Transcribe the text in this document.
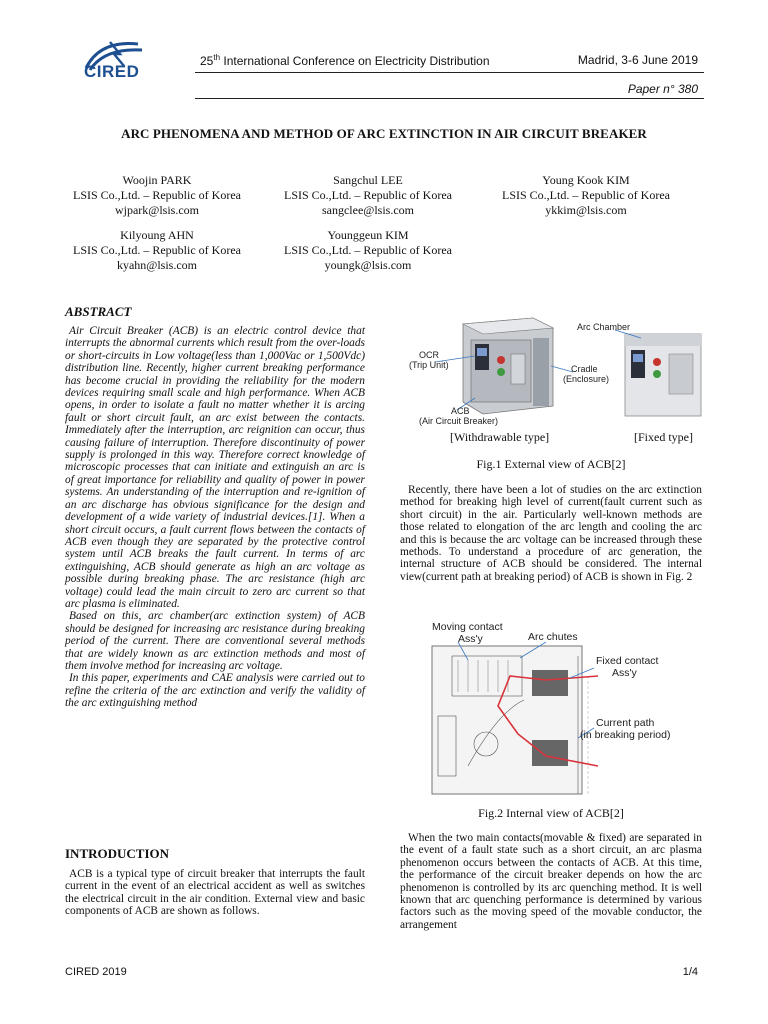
CIRED
25th International Conference on Electricity Distribution	Madrid, 3-6 June 2019
Paper n° 380
ARC PHENOMENA AND METHOD OF ARC EXTINCTION IN AIR CIRCUIT BREAKER
Woojin PARK
LSIS Co.,Ltd. – Republic of Korea
wjpark@lsis.com
Sangchul LEE
LSIS Co.,Ltd. – Republic of Korea
sangclee@lsis.com
Young Kook KIM
LSIS Co.,Ltd. – Republic of Korea
ykkim@lsis.com
Kilyoung AHN
LSIS Co.,Ltd. – Republic of Korea
kyahn@lsis.com
Younggeun KIM
LSIS Co.,Ltd. – Republic of Korea
youngk@lsis.com
ABSTRACT

Air Circuit Breaker (ACB) is an electric control device that interrupts the abnormal currents which result from the over-loads or short-circuits in Low voltage(less than 1,000Vac or 1,500Vdc) distribution line. Recently, higher current breaking performance has become crucial in providing the reliability for the modern devices requiring small scale and high performance. When ACB opens, in order to isolate a fault no matter whether it is arcing fault or short circuit fault, an arc exist between the contacts. Immediately after the interruption, arc reignition can occur, thus causing failure of interruption. Therefore discontinuity of power supply is prolonged in this way. Therefore correct knowledge of microscopic processes that can initiate and extinguish an arc is of great importance for reliability and quality of power in power systems. An understanding of the interruption and re-ignition of an arc discharge has obvious significance for the design and development of a wide variety of industrial devices.[1]. When a short circuit occurs, a fault current flows between the contacts of ACB even though they are separated by the protective control system until ACB breaks the fault current. In terms of arc extinguishing, ACB should generate as high an arc voltage as possible during breaking phase. The arc resistance (high arc voltage) could lead the main circuit to zero arc current so that arc plasma is eliminated.

Based on this, arc chamber(arc extinction system) of ACB should be designed for increasing arc resistance during breaking period of the current. There are conventional several methods that are widely known as arc extinction methods and most of them involve method for increasing arc voltage.

In this paper, experiments and CAE analysis were carried out to refine the criteria of the arc extinction and verify the validity of the arc extinguishing method

INTRODUCTION

ACB is a typical type of circuit breaker that interrupts the fault current in the event of an electrical accident as well as switches the electrical circuit in the air condition. External view and basic components of ACB are shown as follows.

OCR
(Trip Unit)
ACB
(Air Circuit Breaker)
Cradle
(Enclosure)
Arc Chamber
[Withdrawable type]	[Fixed type]
Fig.1 External view of ACB[2]
Recently, there have been a lot of studies on the arc extinction method for breaking high level of current(fault current such as short circuit) in the air. Particularly well-known methods are those related to elongation of the arc length and cooling the arc and this is because the arc voltage can be increased through these methods. To understand a procedure of arc generation, the internal structure of ACB should be considered. The internal view(current path at breaking period) of ACB is shown in Fig. 2
Moving contact
Ass'y	Arc chutes
Fixed contact
Ass'y
Current path
(in breaking period)
Fig.2 Internal view of ACB[2]
When the two main contacts(movable & fixed) are separated in the event of a fault state such as a short circuit, an arc plasma phenomenon occurs between the contacts of ACB. At this time, the performance of the circuit breaker depends on how the arc phenomenon is controlled by its arc quenching method. It is well known that arc quenching performance is determined by various factors such as the moving speed of the movable conductor, the arrangement
CIRED 2019	1/4
